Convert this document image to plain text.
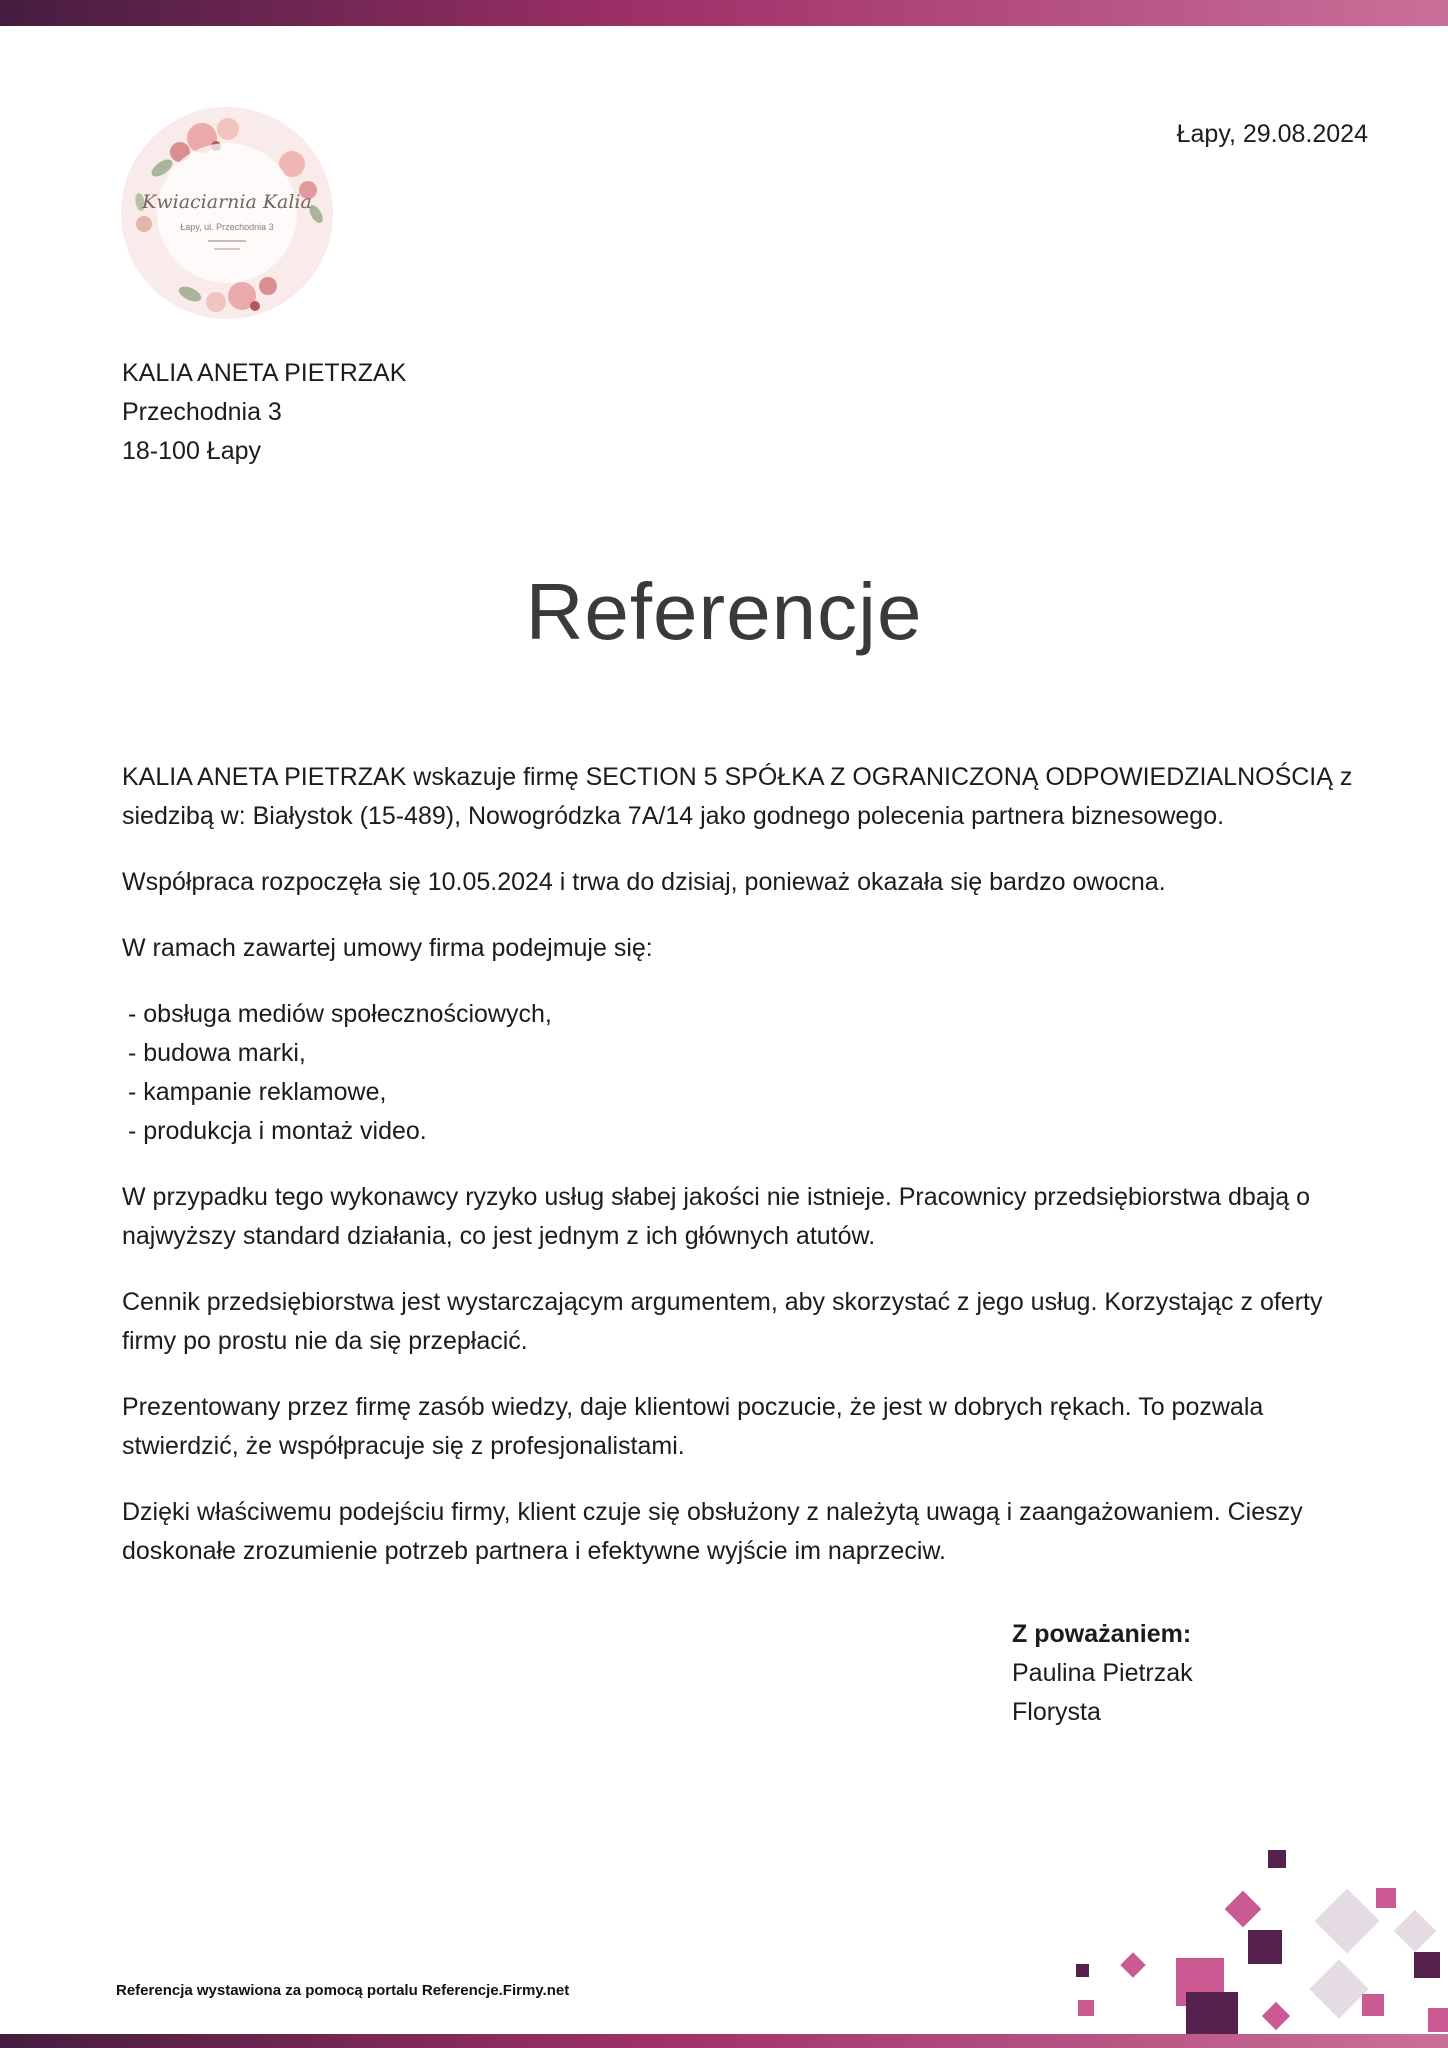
Kwiaciarnia Kalia
Łapy, ul. Przechodnia 3
Łapy, 29.08.2024
KALIA ANETA PIETRZAK
Przechodnia 3
18-100 Łapy
Referencje

KALIA ANETA PIETRZAK wskazuje firmę SECTION 5 SPÓŁKA Z OGRANICZONĄ ODPOWIEDZIALNOŚCIĄ z siedzibą w: Białystok (15-489), Nowogródzka 7A/14 jako godnego polecenia partnera biznesowego.

Współpraca rozpoczęła się 10.05.2024 i trwa do dzisiaj, ponieważ okazała się bardzo owocna.

W ramach zawartej umowy firma podejmuje się:

- obsługa mediów społecznościowych,
- budowa marki,
- kampanie reklamowe,
- produkcja i montaż video.

W przypadku tego wykonawcy ryzyko usług słabej jakości nie istnieje. Pracownicy przedsiębiorstwa dbają o najwyższy standard działania, co jest jednym z ich głównych atutów.

Cennik przedsiębiorstwa jest wystarczającym argumentem, aby skorzystać z jego usług. Korzystając z oferty firmy po prostu nie da się przepłacić.

Prezentowany przez firmę zasób wiedzy, daje klientowi poczucie, że jest w dobrych rękach. To pozwala stwierdzić, że współpracuje się z profesjonalistami.

Dzięki właściwemu podejściu firmy, klient czuje się obsłużony z należytą uwagą i zaangażowaniem. Cieszy doskonałe zrozumienie potrzeb partnera i efektywne wyjście im naprzeciw.

Z poważaniem:
Paulina Pietrzak
Florysta
Referencja wystawiona za pomocą portalu Referencje.Firmy.net
